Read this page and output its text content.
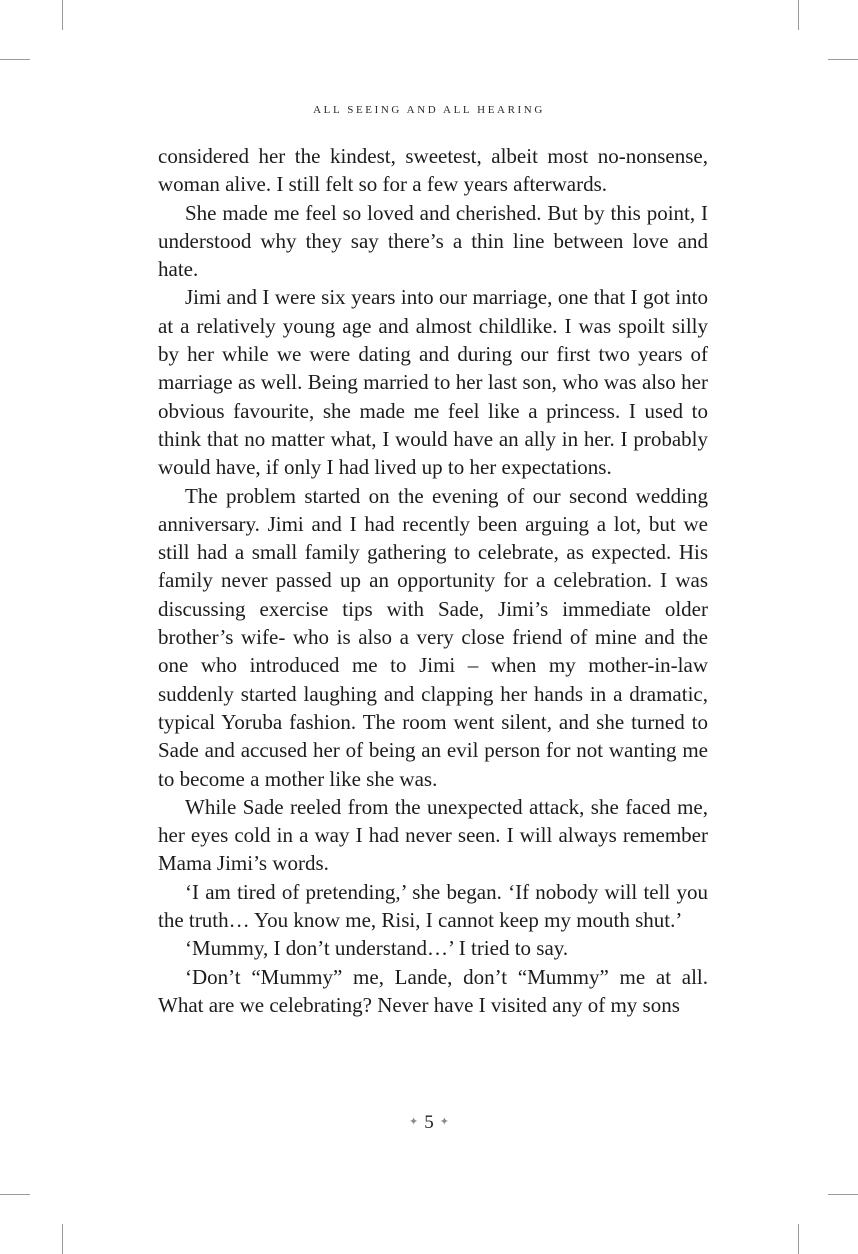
ALL SEEING AND ALL HEARING

considered her the kindest, sweetest, albeit most no-nonsense, woman alive. I still felt so for a few years afterwards.

She made me feel so loved and cherished. But by this point, I understood why they say there’s a thin line between love and hate.

Jimi and I were six years into our marriage, one that I got into at a relatively young age and almost childlike. I was spoilt silly by her while we were dating and during our first two years of marriage as well. Being married to her last son, who was also her obvious favourite, she made me feel like a princess. I used to think that no matter what, I would have an ally in her. I probably would have, if only I had lived up to her expectations.

The problem started on the evening of our second wedding anniversary. Jimi and I had recently been arguing a lot, but we still had a small family gathering to celebrate, as expected. His family never passed up an opportunity for a celebration. I was discussing exercise tips with Sade, Jimi’s immediate older brother’s wife- who is also a very close friend of mine and the one who introduced me to Jimi – when my mother-in-law suddenly started laughing and clapping her hands in a dramatic, typical Yoruba fashion. The room went silent, and she turned to Sade and accused her of being an evil person for not wanting me to become a mother like she was.

While Sade reeled from the unexpected attack, she faced me, her eyes cold in a way I had never seen. I will always remember Mama Jimi’s words.

‘I am tired of pretending,’ she began. ‘If nobody will tell you the truth… You know me, Risi, I cannot keep my mouth shut.’

‘Mummy, I don’t understand…’ I tried to say.

‘Don’t “Mummy” me, Lande, don’t “Mummy” me at all. What are we celebrating? Never have I visited any of my sons

✦ 5 ✦
